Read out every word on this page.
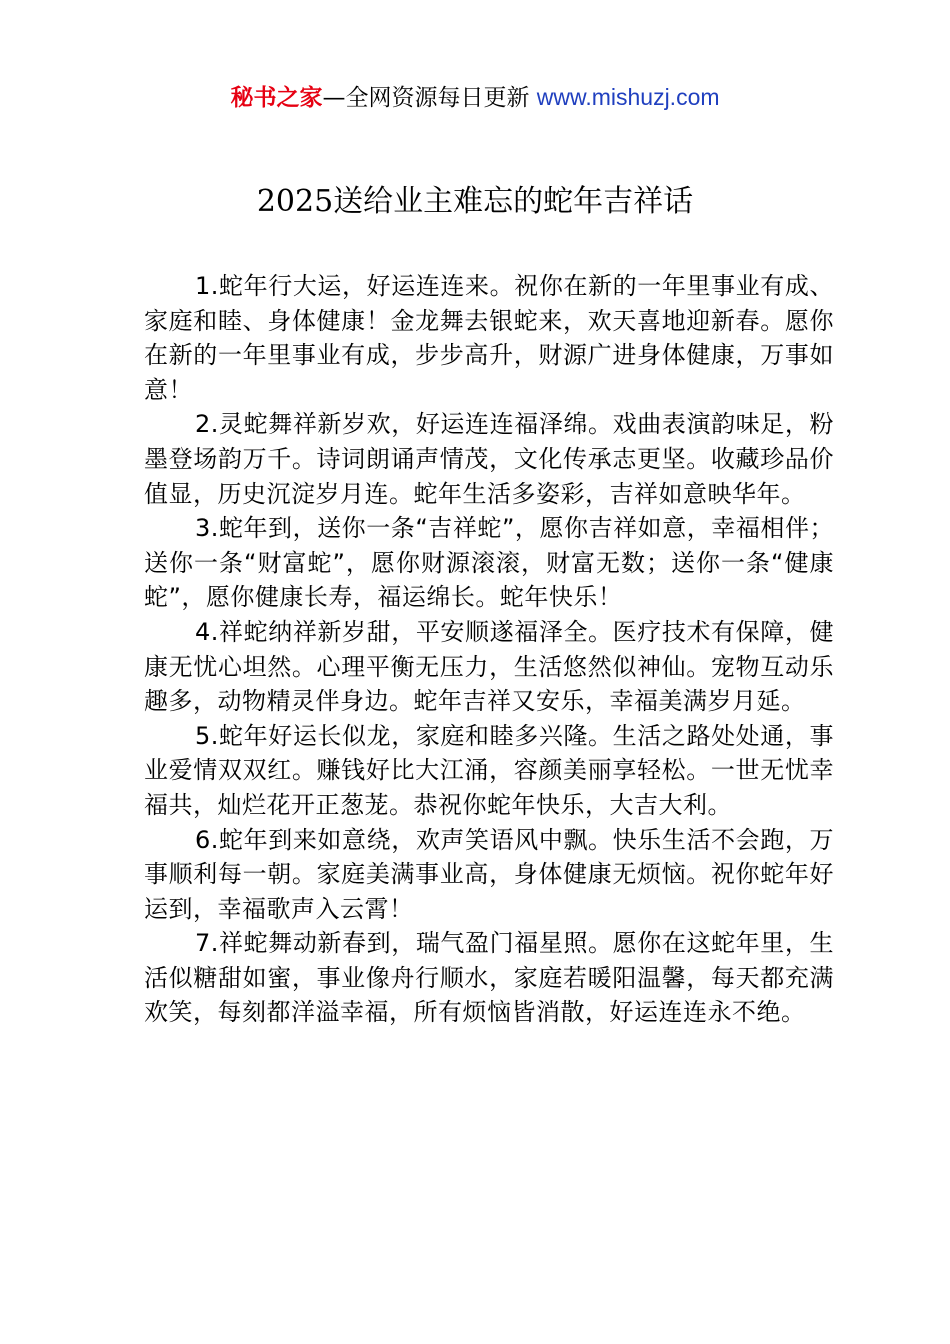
秘书之家—全网资源每日更新 www.mishuzj.com
2025送给业主难忘的蛇年吉祥话

1.蛇年行大运，好运连连来。祝你在新的一年里事业有成、家庭和睦、身体健康！金龙舞去银蛇来，欢天喜地迎新春。愿你在新的一年里事业有成，步步高升，财源广进身体健康，万事如意！

2.灵蛇舞祥新岁欢，好运连连福泽绵。戏曲表演韵味足，粉墨登场韵万千。诗词朗诵声情茂，文化传承志更坚。收藏珍品价值显，历史沉淀岁月连。蛇年生活多姿彩，吉祥如意映华年。

3.蛇年到，送你一条“吉祥蛇”，愿你吉祥如意，幸福相伴；送你一条“财富蛇”，愿你财源滚滚，财富无数；送你一条“健康蛇”，愿你健康长寿，福运绵长。蛇年快乐！

4.祥蛇纳祥新岁甜，平安顺遂福泽全。医疗技术有保障，健康无忧心坦然。心理平衡无压力，生活悠然似神仙。宠物互动乐趣多，动物精灵伴身边。蛇年吉祥又安乐，幸福美满岁月延。

5.蛇年好运长似龙，家庭和睦多兴隆。生活之路处处通，事业爱情双双红。赚钱好比大江涌，容颜美丽享轻松。一世无忧幸福共，灿烂花开正葱茏。恭祝你蛇年快乐，大吉大利。

6.蛇年到来如意绕，欢声笑语风中飘。快乐生活不会跑，万事顺利每一朝。家庭美满事业高，身体健康无烦恼。祝你蛇年好运到，幸福歌声入云霄！

7.祥蛇舞动新春到，瑞气盈门福星照。愿你在这蛇年里，生活似糖甜如蜜，事业像舟行顺水，家庭若暖阳温馨，每天都充满欢笑，每刻都洋溢幸福，所有烦恼皆消散，好运连连永不绝。
